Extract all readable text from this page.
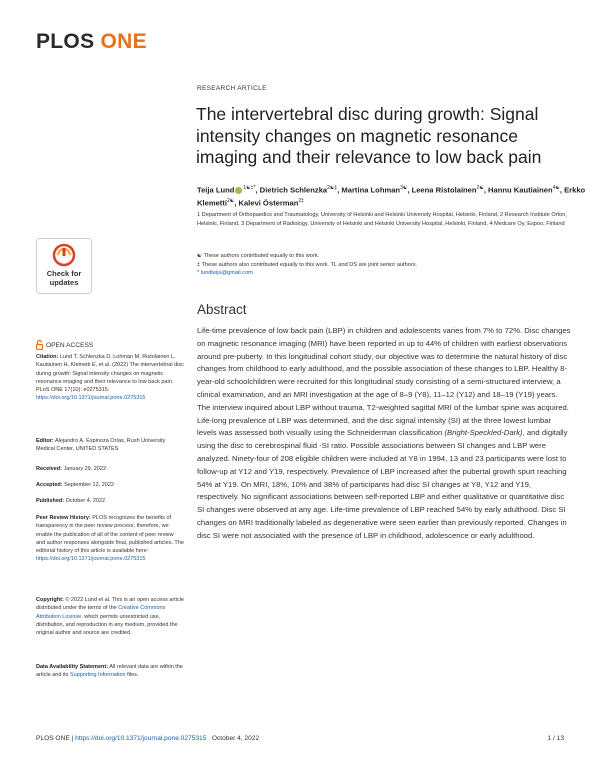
PLOS ONE
RESEARCH ARTICLE
The intervertebral disc during growth: Signal intensity changes on magnetic resonance imaging and their relevance to low back pain
Teija Lund $^{1☯\ddagger*}$, Dietrich Schlenzka$^{2☯\ddagger}$, Martina Lohman$^{3☯}$, Leena Ristolainen$^{2☯}$, Hannu Kautiainen$^{4☯}$, Erkko Klemetti$^{2☯}$, Kalevi Österman$^{2\ddagger}$
1 Department of Orthopaedics and Traumatology, University of Helsinki and Helsinki University Hospital, Helsinki, Finland, 2 Research Institute Orton, Helsinki, Finland, 3 Department of Radiology, University of Helsinki and Helsinki University Hospital, Helsinki, Finland, 4 Medcare Oy, Espoo, Finland
☯ These authors contributed equally to this work.
‡ These authors also contributed equally to this work. TL and DS are joint senior authors.
* lundteija@gmail.com
Check for
updates
OPEN ACCESS
Citation: Lund T, Schlenzka D, Lohman M, Ristolainen L, Kautiainen H, Klemetti E, et al. (2022) The intervertebral disc during growth: Signal intensity changes on magnetic resonance imaging and their relevance to low back pain. PLoS ONE 17(10): e0275315. https://doi.org/10.1371/journal.pone.0275315
Editor: Alejandro A. Espinoza Orías, Rush University Medical Center, UNITED STATES
Received: January 29, 2022
Accepted: September 12, 2022
Published: October 4, 2022
Peer Review History: PLOS recognizes the benefits of transparency in the peer review process; therefore, we enable the publication of all of the content of peer review and author responses alongside final, published articles. The editorial history of this article is available here: https://doi.org/10.1371/journal.pone.0275315
Copyright: © 2022 Lund et al. This is an open access article distributed under the terms of the Creative Commons Attribution License, which permits unrestricted use, distribution, and reproduction in any medium, provided the original author and source are credited.
Data Availability Statement: All relevant data are within the article and its Supporting Information files.
Abstract
Life-time prevalence of low back pain (LBP) in children and adolescents varies from 7% to 72%. Disc changes on magnetic resonance imaging (MRI) have been reported in up to 44% of children with earliest observations around pre-puberty. In this longitudinal cohort study, our objective was to determine the natural history of disc changes from childhood to early adulthood, and the possible association of these changes to LBP. Healthy 8-year-old schoolchildren were recruited for this longitudinal study consisting of a semi-structured interview, a clinical examination, and an MRI investigation at the age of 8–9 (Y8), 11–12 (Y12) and 18–19 (Y19) years. The interview inquired about LBP without trauma. T2-weighted sagittal MRI of the lumbar spine was acquired. Life-long prevalence of LBP was determined, and the disc signal intensity (SI) at the three lowest lumbar levels was assessed both visually using the Schneiderman classification (Bright-Speckled-Dark), and digitally using the disc to cerebrospinal fluid -SI ratio. Possible associations between SI changes and LBP were analyzed. Ninety-four of 208 eligible children were included at Y8 in 1994, 13 and 23 participants were lost to follow-up at Y12 and Y19, respectively. Prevalence of LBP increased after the pubertal growth spurt reaching 54% at Y19. On MRI, 18%, 10% and 38% of participants had disc SI changes at Y8, Y12 and Y19, respectively. No significant associations between self-reported LBP and either qualitative or quantitative disc SI changes were observed at any age. Life-time prevalence of LBP reached 54% by early adulthood. Disc SI changes on MRI traditionally labeled as degenerative were seen earlier than previously reported. Changes in disc SI were not associated with the presence of LBP in childhood, adolescence or early adulthood.
PLOS ONE | https://doi.org/10.1371/journal.pone.0275315 October 4, 2022	1 / 13
